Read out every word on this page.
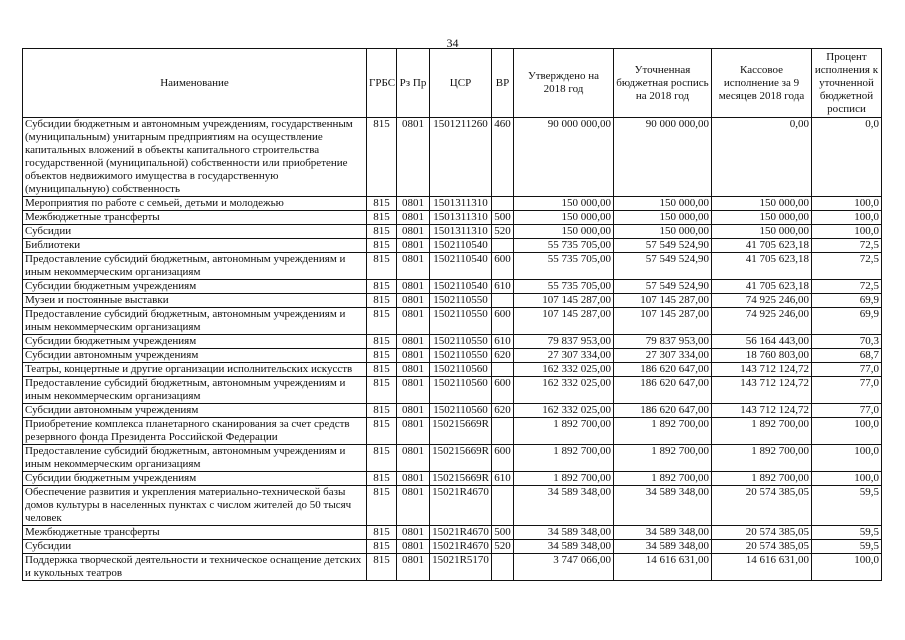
34
Наименование	ГРБС	Рз Пр	ЦСР	ВР	Утверждено на 2018 год	Уточненная бюджетная роспись на 2018 год	Кассовое исполнение за 9 месяцев 2018 года	Процент исполнения к уточненной бюджетной росписи
Субсидии бюджетным и автономным учреждениям, государственным (муниципальным) унитарным предприятиям на осуществление капитальных вложений в объекты капитального строительства государственной (муниципальной) собственности или приобретение объектов недвижимого имущества в государственную (муниципальную) собственность	815	0801	1501211260	460	90 000 000,00	90 000 000,00	0,00	0,0
Мероприятия по работе с семьей, детьми и молодежью	815	0801	1501311310		150 000,00	150 000,00	150 000,00	100,0
Межбюджетные трансферты	815	0801	1501311310	500	150 000,00	150 000,00	150 000,00	100,0
Субсидии	815	0801	1501311310	520	150 000,00	150 000,00	150 000,00	100,0
Библиотеки	815	0801	1502110540		55 735 705,00	57 549 524,90	41 705 623,18	72,5
Предоставление субсидий бюджетным, автономным учреждениям и иным некоммерческим организациям	815	0801	1502110540	600	55 735 705,00	57 549 524,90	41 705 623,18	72,5
Субсидии бюджетным учреждениям	815	0801	1502110540	610	55 735 705,00	57 549 524,90	41 705 623,18	72,5
Музеи и постоянные выставки	815	0801	1502110550		107 145 287,00	107 145 287,00	74 925 246,00	69,9
Предоставление субсидий бюджетным, автономным учреждениям и иным некоммерческим организациям	815	0801	1502110550	600	107 145 287,00	107 145 287,00	74 925 246,00	69,9
Субсидии бюджетным учреждениям	815	0801	1502110550	610	79 837 953,00	79 837 953,00	56 164 443,00	70,3
Субсидии автономным учреждениям	815	0801	1502110550	620	27 307 334,00	27 307 334,00	18 760 803,00	68,7
Театры, концертные и другие организации исполнительских искусств	815	0801	1502110560		162 332 025,00	186 620 647,00	143 712 124,72	77,0
Предоставление субсидий бюджетным, автономным учреждениям и иным некоммерческим организациям	815	0801	1502110560	600	162 332 025,00	186 620 647,00	143 712 124,72	77,0
Субсидии автономным учреждениям	815	0801	1502110560	620	162 332 025,00	186 620 647,00	143 712 124,72	77,0
Приобретение комплекса планетарного сканирования за счет средств резервного фонда Президента Российской Федерации	815	0801	150215669R		1 892 700,00	1 892 700,00	1 892 700,00	100,0
Предоставление субсидий бюджетным, автономным учреждениям и иным некоммерческим организациям	815	0801	150215669R	600	1 892 700,00	1 892 700,00	1 892 700,00	100,0
Субсидии бюджетным учреждениям	815	0801	150215669R	610	1 892 700,00	1 892 700,00	1 892 700,00	100,0
Обеспечение развития и укрепления материально-технической базы домов культуры в населенных пунктах с числом жителей до 50 тысяч человек	815	0801	15021R4670		34 589 348,00	34 589 348,00	20 574 385,05	59,5
Межбюджетные трансферты	815	0801	15021R4670	500	34 589 348,00	34 589 348,00	20 574 385,05	59,5
Субсидии	815	0801	15021R4670	520	34 589 348,00	34 589 348,00	20 574 385,05	59,5
Поддержка творческой деятельности и техническое оснащение детских и кукольных театров	815	0801	15021R5170		3 747 066,00	14 616 631,00	14 616 631,00	100,0
